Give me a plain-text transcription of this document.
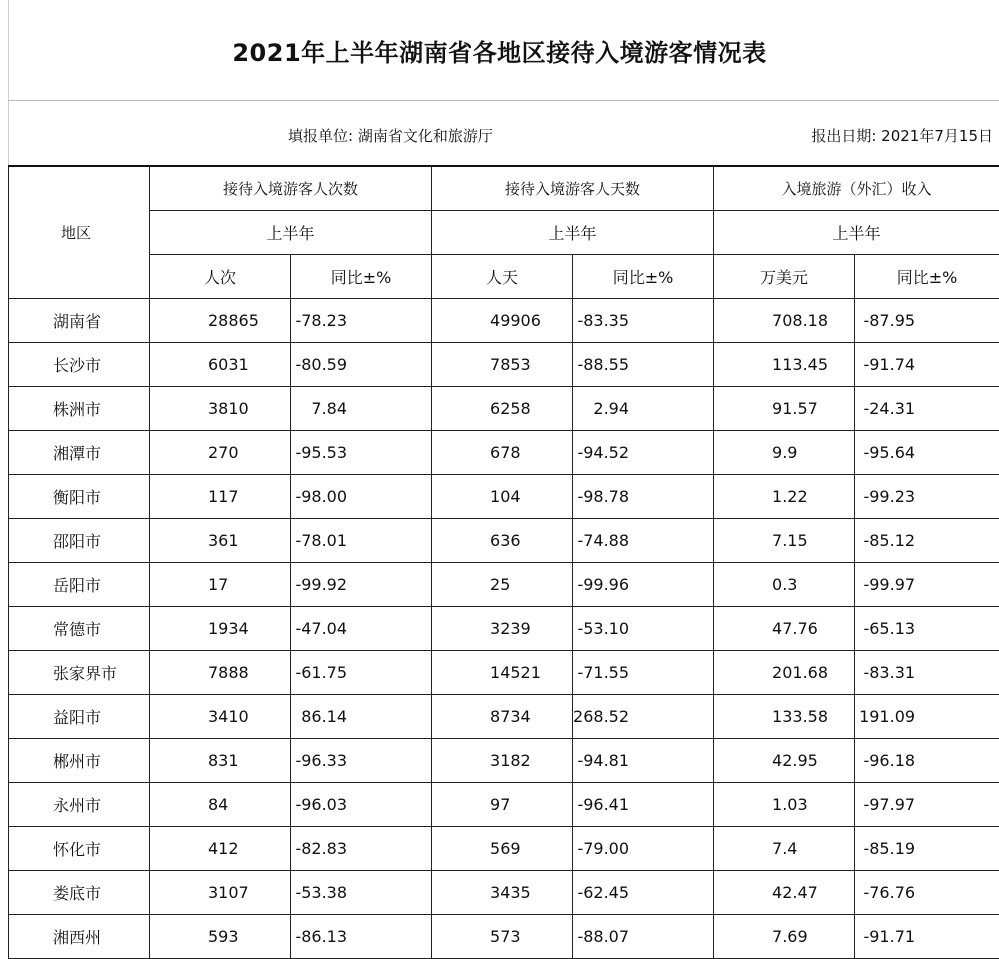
2021年上半年湖南省各地区接待入境游客情况表
填报单位: 湖南省文化和旅游厅	报出日期: 2021年7月15日
地区	接待入境游客人次数		接待入境游客人天数		入境旅游（外汇）收入	
	上半年		上半年		上半年	
	人次	同比±%	人天	同比±%	万美元	同比±%
湖南省	28865	-78.23	49906	-83.35	708.18	-87.95
长沙市	6031	-80.59	7853	-88.55	113.45	-91.74
株洲市	3810	7.84	6258	2.94	91.57	-24.31
湘潭市	270	-95.53	678	-94.52	9.9	-95.64
衡阳市	117	-98.00	104	-98.78	1.22	-99.23
邵阳市	361	-78.01	636	-74.88	7.15	-85.12
岳阳市	17	-99.92	25	-99.96	0.3	-99.97
常德市	1934	-47.04	3239	-53.10	47.76	-65.13
张家界市	7888	-61.75	14521	-71.55	201.68	-83.31
益阳市	3410	86.14	8734	268.52	133.58	191.09
郴州市	831	-96.33	3182	-94.81	42.95	-96.18
永州市	84	-96.03	97	-96.41	1.03	-97.97
怀化市	412	-82.83	569	-79.00	7.4	-85.19
娄底市	3107	-53.38	3435	-62.45	42.47	-76.76
湘西州	593	-86.13	573	-88.07	7.69	-91.71
